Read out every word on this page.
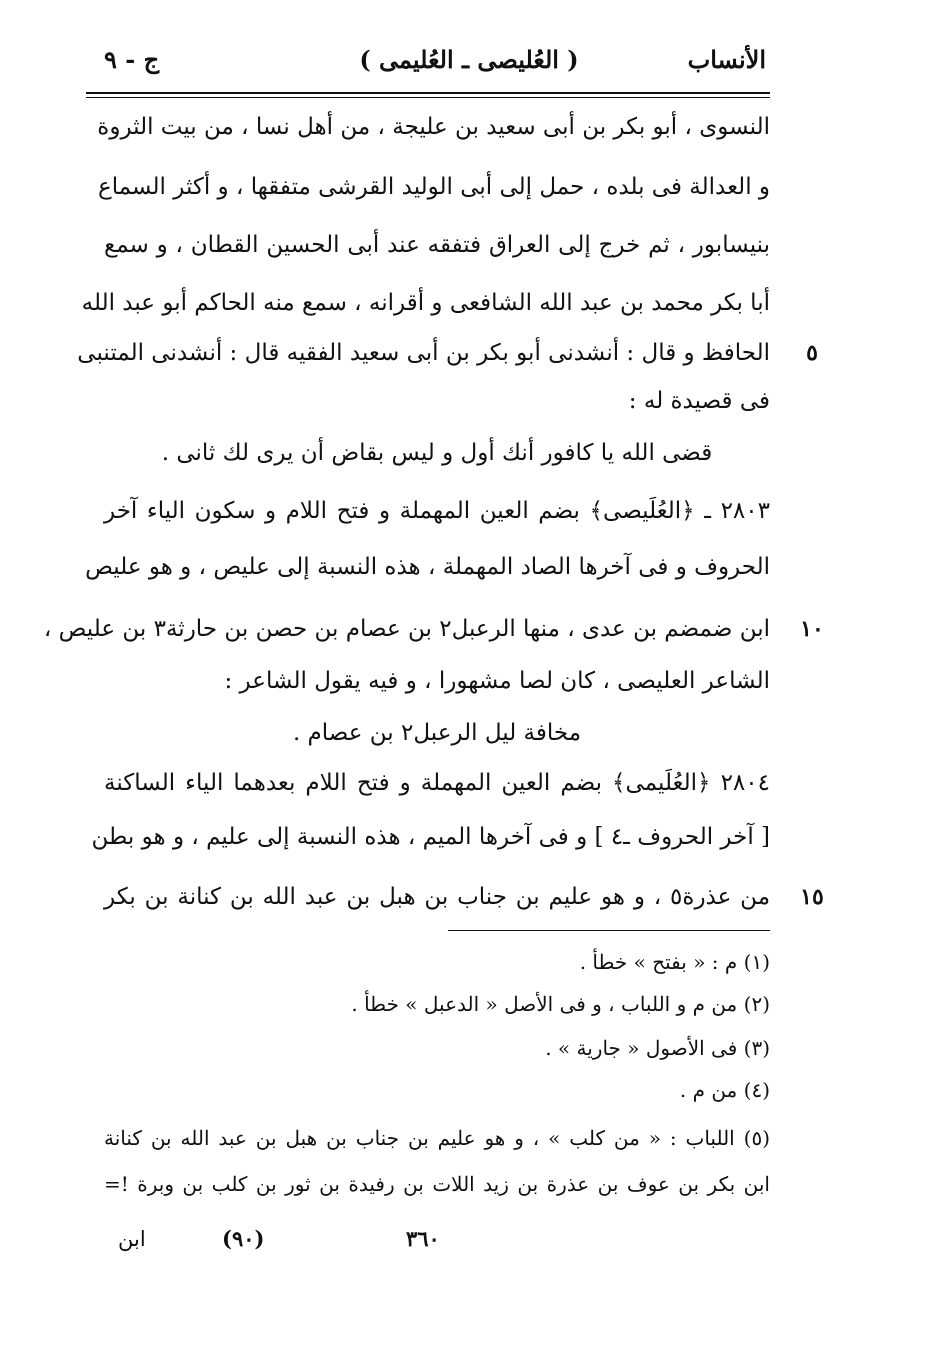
الأنساب
( العُليصى ـ العُليمى )
ج - ٩
النسوى ، أبو بكر بن أبى سعيد بن عليجة ، من أهل نسا ، من بيت الثروة
و العدالة فى بلده ، حمل إلى أبى الوليد القرشى متفقها ، و أكثر السماع
بنيسابور ، ثم خرج إلى العراق فتفقه عند أبى الحسين القطان ، و سمع
أبا بكر محمد بن عبد الله الشافعى و أقرانه ، سمع منه الحاكم أبو عبد الله
الحافظ و قال : أنشدنى أبو بكر بن أبى سعيد الفقيه قال : أنشدنى المتنبى	٥
فى قصيدة له :
قضى الله يا كافور أنك أول و ليس بقاض أن يرى لك ثانى .
٢٨٠٣ ـ ﴿العُلَيصى﴾ بضم العين المهملة و فتح اللام و سكون الياء آخر
الحروف و فى آخرها الصاد المهملة ، هذه النسبة إلى عليص ، و هو عليص
ابن ضمضم بن عدى ، منها الرعبل٢ بن عصام بن حصن بن حارثة٣ بن عليص ، ١٠
الشاعر العليصى ، كان لصا مشهورا ، و فيه يقول الشاعر :
مخافة ليل الرعبل٢ بن عصام .
٢٨٠٤ ﴿العُلَيمى﴾ بضم العين المهملة و فتح اللام بعدهما الياء الساكنة
[ آخر الحروف ـ٤ ] و فى آخرها الميم ، هذه النسبة إلى عليم ، و هو بطن
من عذرة٥ ، و هو عليم بن جناب بن هبل بن عبد الله بن كنانة بن بكر ١٥
(١) م : « بفتح » خطأ .
(٢) من م و اللباب ، و فى الأصل « الدعبل » خطأ .
(٣) فى الأصول « جارية » .
(٤) من م .
(٥) اللباب : « من كلب » ، و هو عليم بن جناب بن هبل بن عبد الله بن كنانة
ابن بكر بن عوف بن عذرة بن زيد اللات بن رفيدة بن ثور بن كلب بن وبرة !=
٣٦٠
(٩٠)
ابن
